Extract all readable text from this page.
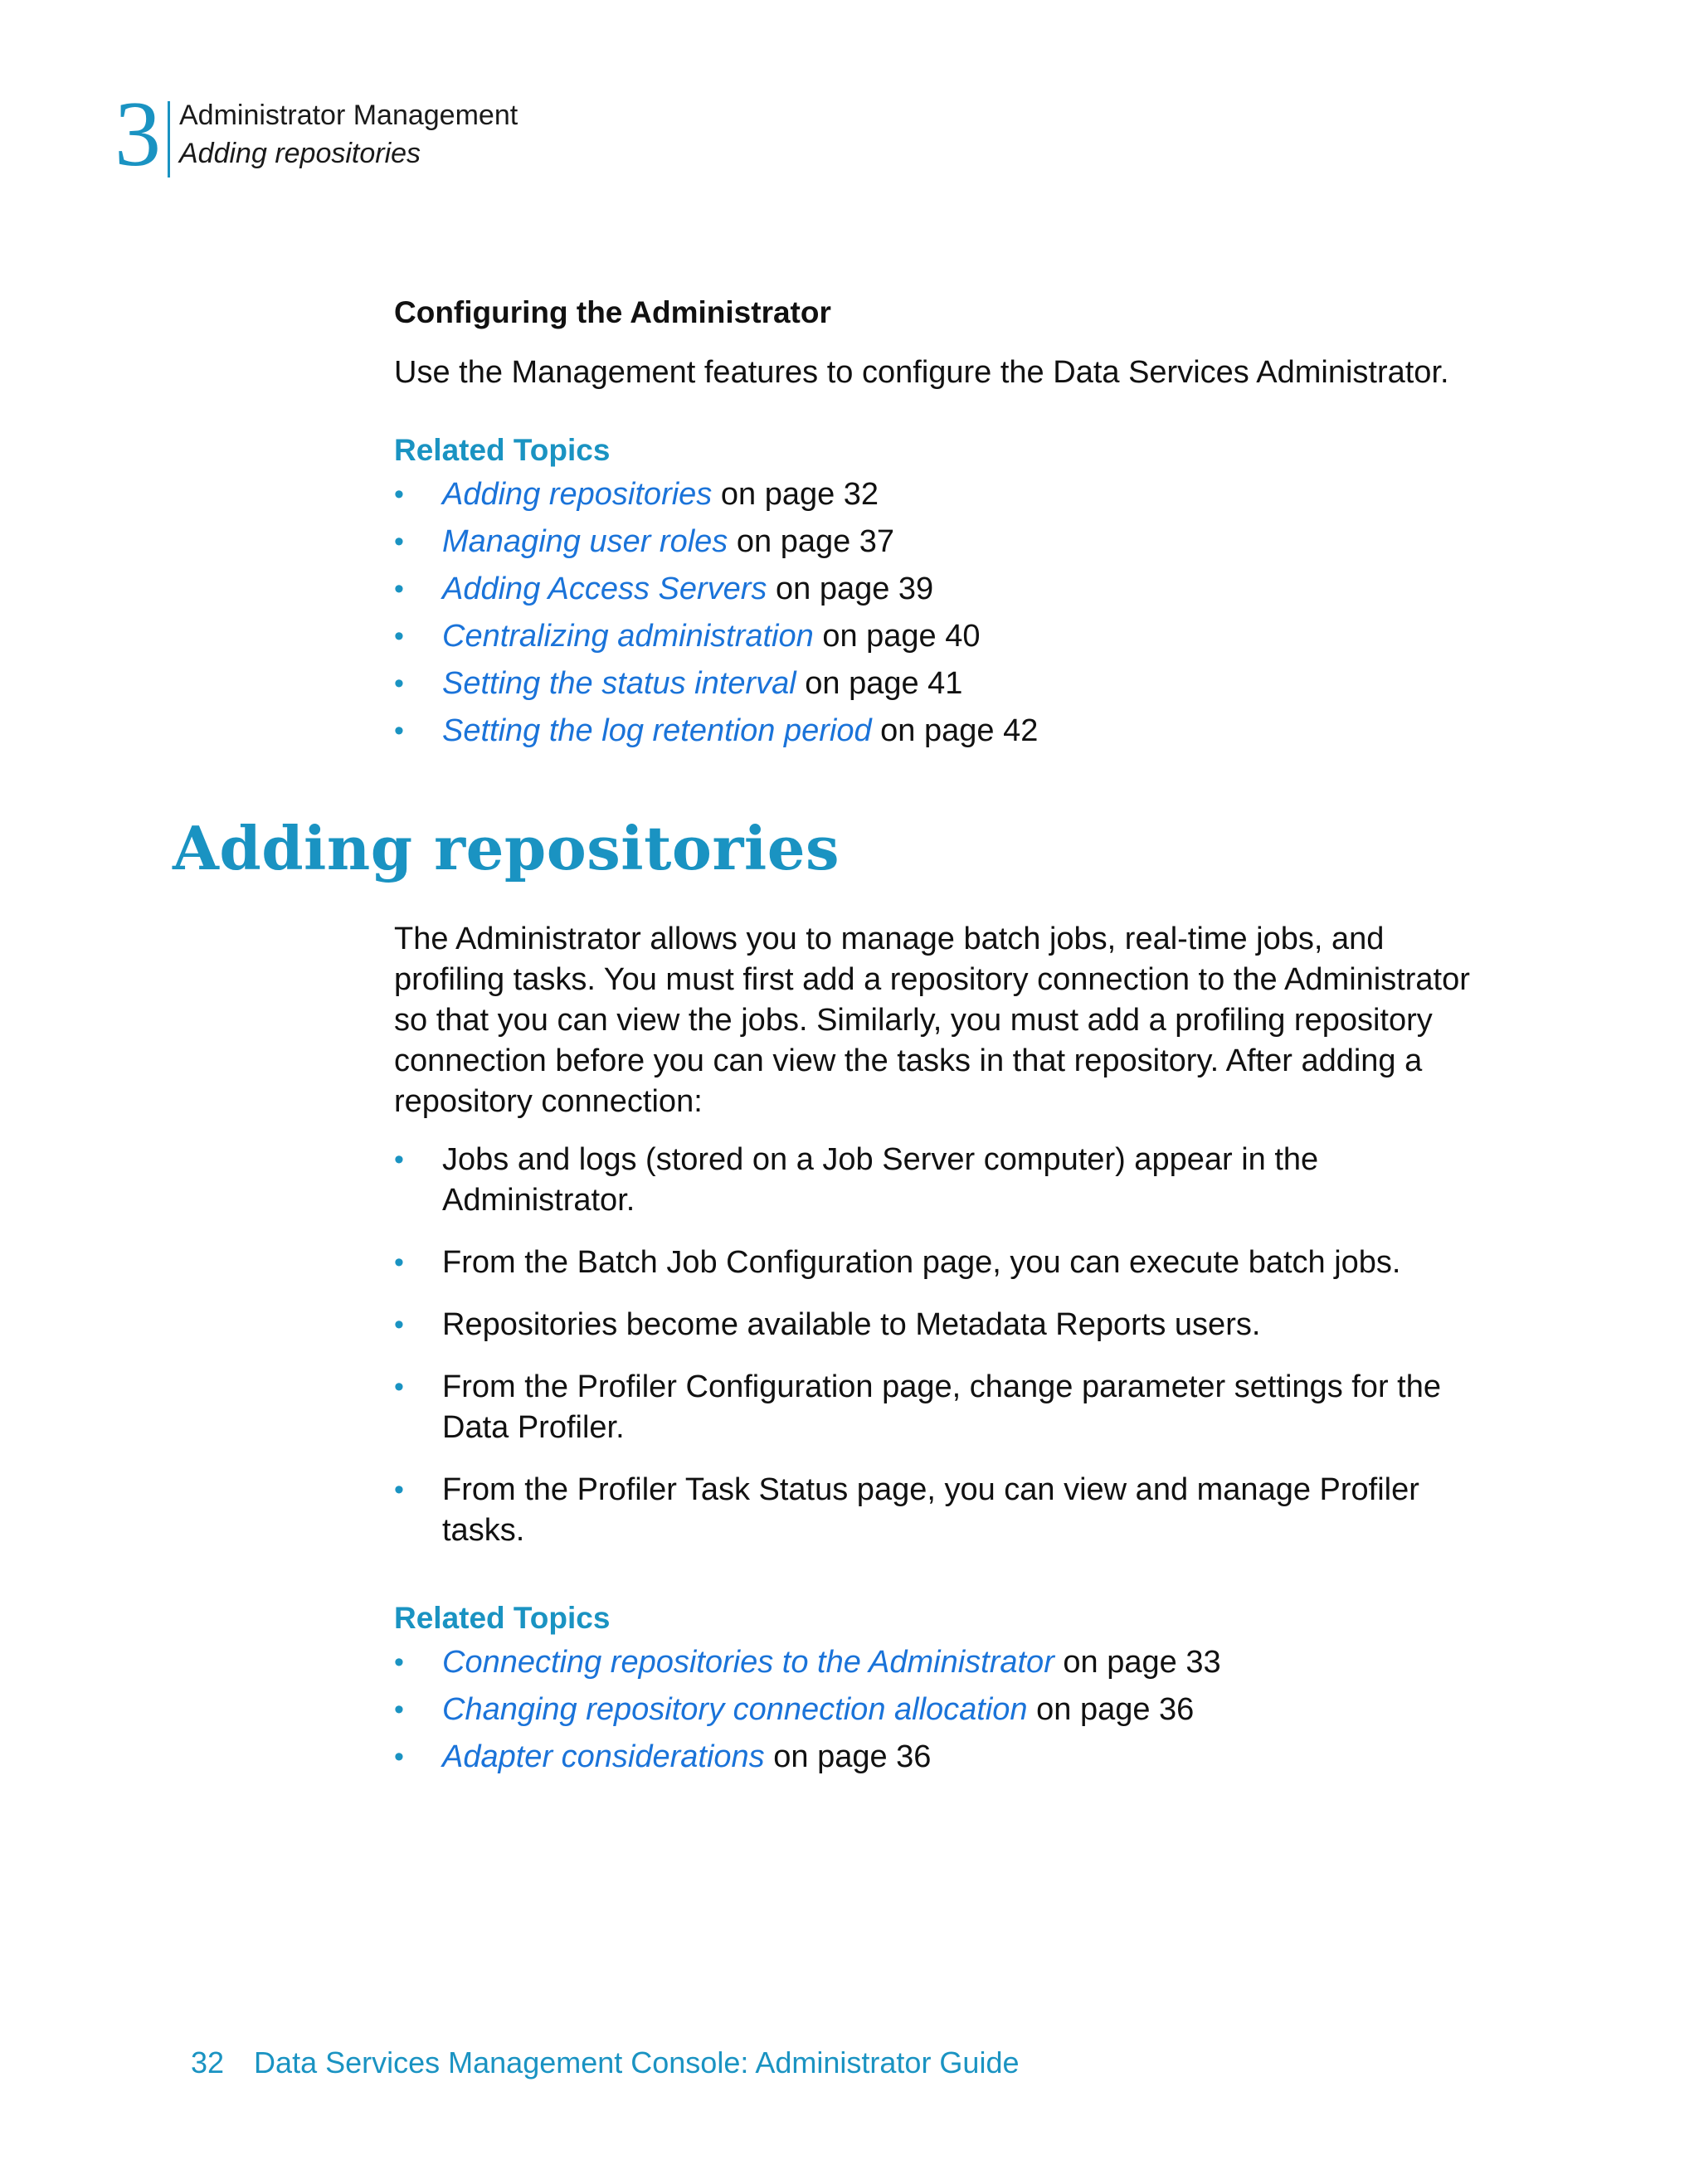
3 Administrator Management
Adding repositories
Configuring the Administrator
Use the Management features to configure the Data Services Administrator.
Related Topics
• Adding repositories on page 32
• Managing user roles on page 37
• Adding Access Servers on page 39
• Centralizing administration on page 40
• Setting the status interval on page 41
• Setting the log retention period on page 42
Adding repositories
The Administrator allows you to manage batch jobs, real-time jobs, and
profiling tasks. You must first add a repository connection to the Administrator
so that you can view the jobs. Similarly, you must add a profiling repository
connection before you can view the tasks in that repository. After adding a
repository connection:
• Jobs and logs (stored on a Job Server computer) appear in the
Administrator.
• From the Batch Job Configuration page, you can execute batch jobs.
• Repositories become available to Metadata Reports users.
• From the Profiler Configuration page, change parameter settings for the
Data Profiler.
• From the Profiler Task Status page, you can view and manage Profiler
tasks.
Related Topics
• Connecting repositories to the Administrator on page 33
• Changing repository connection allocation on page 36
• Adapter considerations on page 36
32 Data Services Management Console: Administrator Guide
